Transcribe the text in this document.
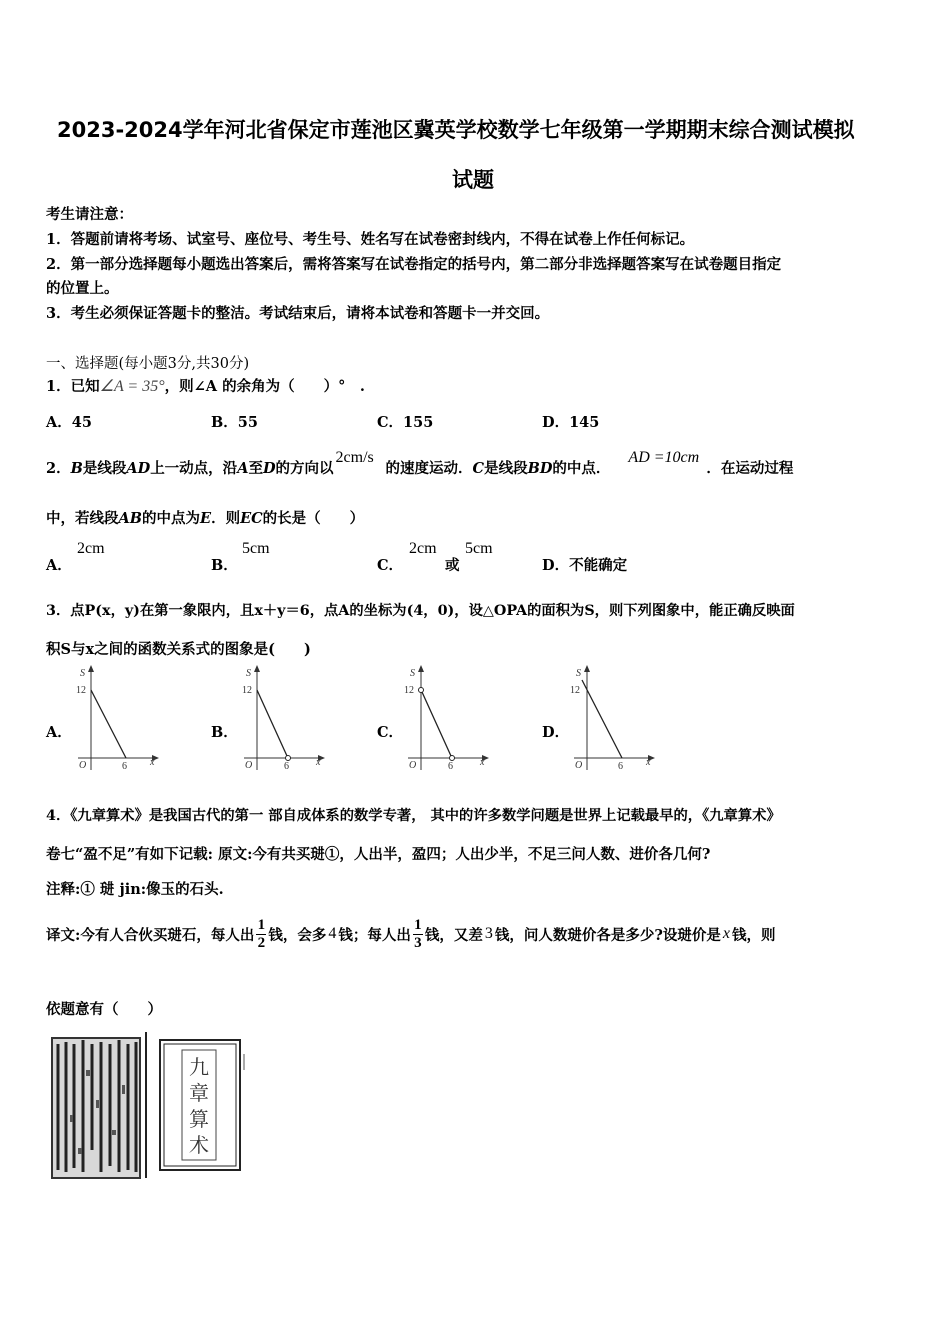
2023-2024学年河北省保定市莲池区冀英学校数学七年级第一学期期末综合测试模拟
试题
考生请注意：
1．答题前请将考场、试室号、座位号、考生号、姓名写在试卷密封线内，不得在试卷上作任何标记。
2．第一部分选择题每小题选出答案后，需将答案写在试卷指定的括号内，第二部分非选择题答案写在试卷题目指定
的位置上。
3．考生必须保证答题卡的整洁。考试结束后，请将本试卷和答题卡一并交回。
一、选择题(每小题3分,共30分)
1．已知∠A = 35°，则∠A 的余角为（　　）°　.
A．45	B．55	C．155	D．145
2．B是线段AD上一动点，沿A至D的方向以2cm/s的速度运动．C是线段BD的中点．AD =10cm．在运动过程
中，若线段AB的中点为E．则EC的长是（　　）
A．
2cm
B．
5cm
C．
2cm
或
5cm
D．不能确定
3．点P(x，y)在第一象限内，且x＋y＝6，点A的坐标为(4，0)，设△OPA的面积为S，则下列图象中，能正确反映面
积S与x之间的函数关系式的图象是(　　)
A．	B．	C．	D．
S
12
O	6 x
S
12
O	6	x
S
12
O	6	x
S
12
O	6 x
4．《九章算术》是我国古代的第一 部自成体系的数学专著， 其中的许多数学问题是世界上记载最早的，《九章算术》
卷七“盈不足”有如下记载: 原文:今有共买琎①，人出半，盈四；人出少半，不足三问人数、进价各几何?
注释:① 琎 jin:像玉的石头.
译文:今有人合伙买琎石，每人出 $\frac{1}{2}$ 钱，会多 4 钱；每人出 $\frac{1}{3}$ 钱，又差 3 钱，问人数琎价各是多少?设琎价是 x 钱，则
依题意有（　　）
九
章
算
术
